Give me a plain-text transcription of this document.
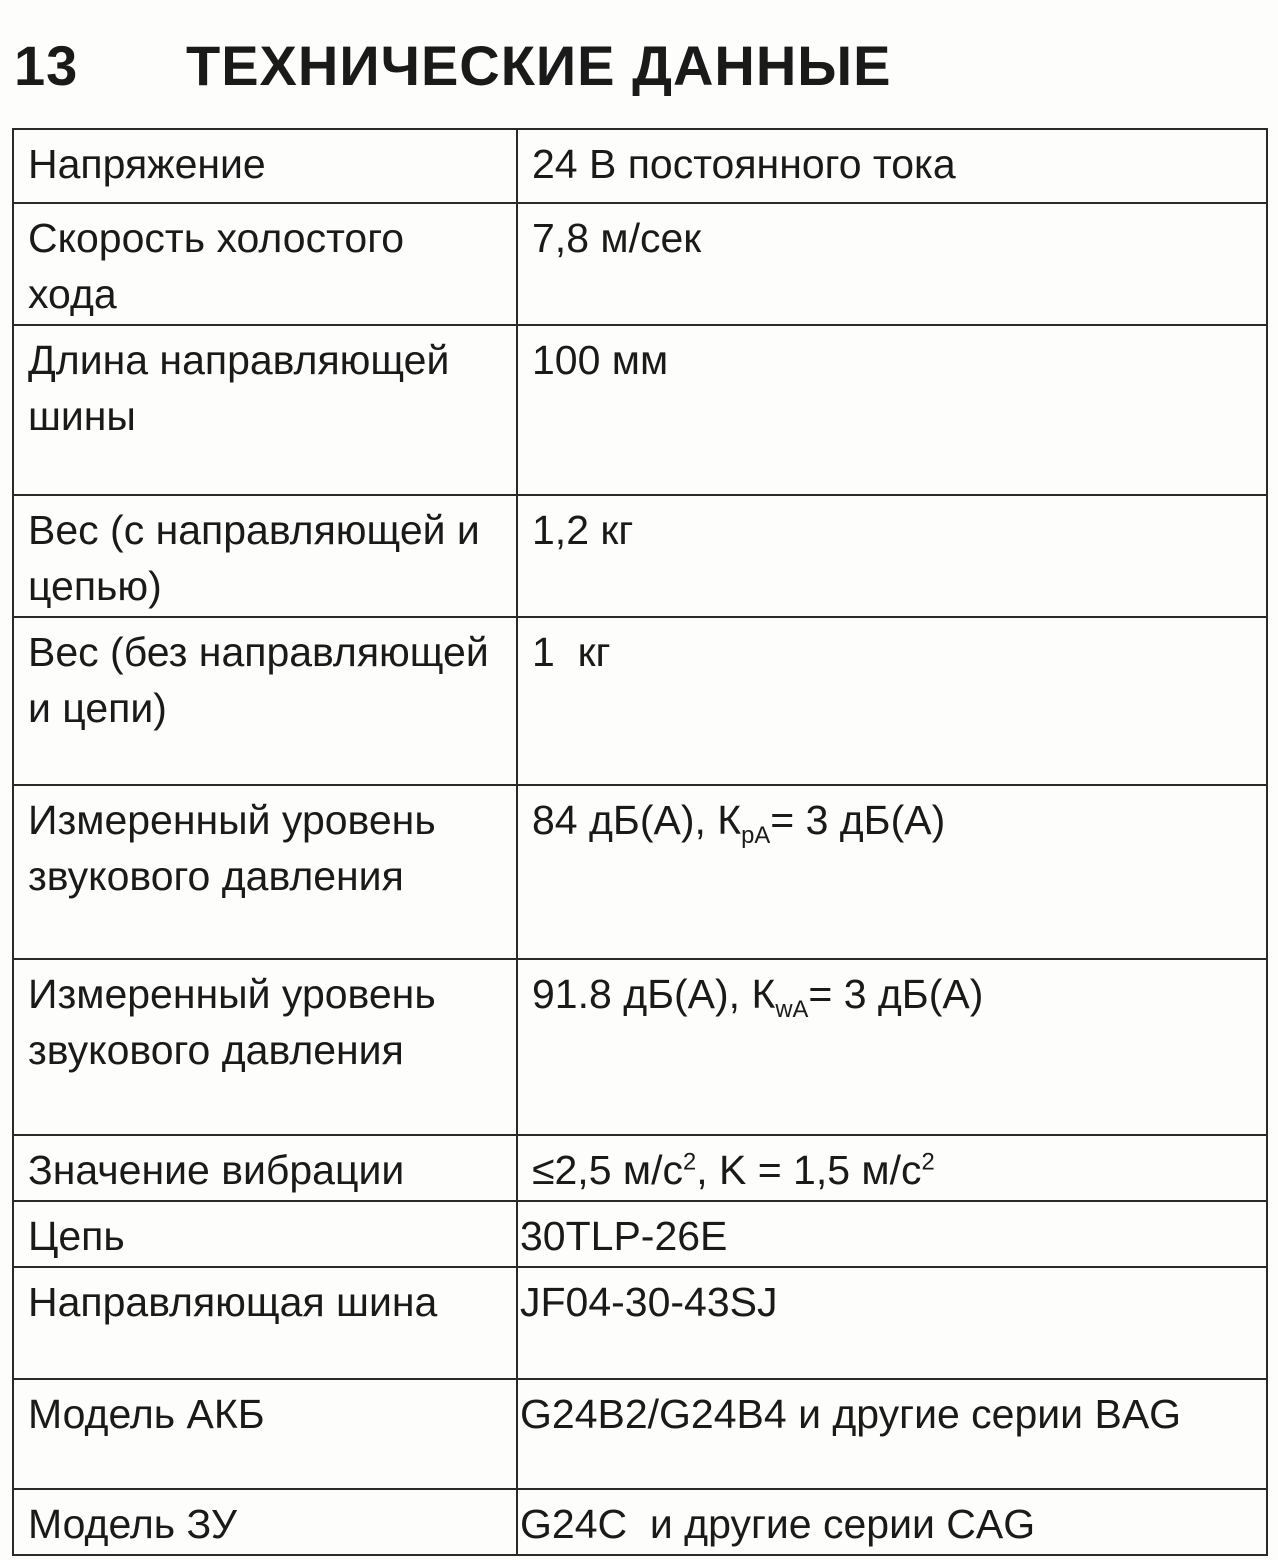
13	ТЕХНИЧЕСКИЕ ДАННЫЕ
Напряжение	24 В постоянного тока
Скорость холостого хода	7,8 м/сек
Длина направляющей шины	100 мм
Вес (с направляющей и цепью)	1,2 кг
Вес (без направляющей и цепи)	1  кг
Измеренный уровень звукового давления	84 дБ(А), $К_{pA}= 3$ дБ(А)
Измеренный уровень звукового давления	91.8 дБ(А), $К_{wA}= 3$ дБ(А)
Значение вибрации	≤2,5 $м/с^2$, K = 1,5 $м/с^2$
Цепь	30TLP-26E
Направляющая шина	JF04-30-43SJ
Модель АКБ	G24B2/G24B4 и другие серии BAG
Модель ЗУ	G24C  и другие серии CAG
